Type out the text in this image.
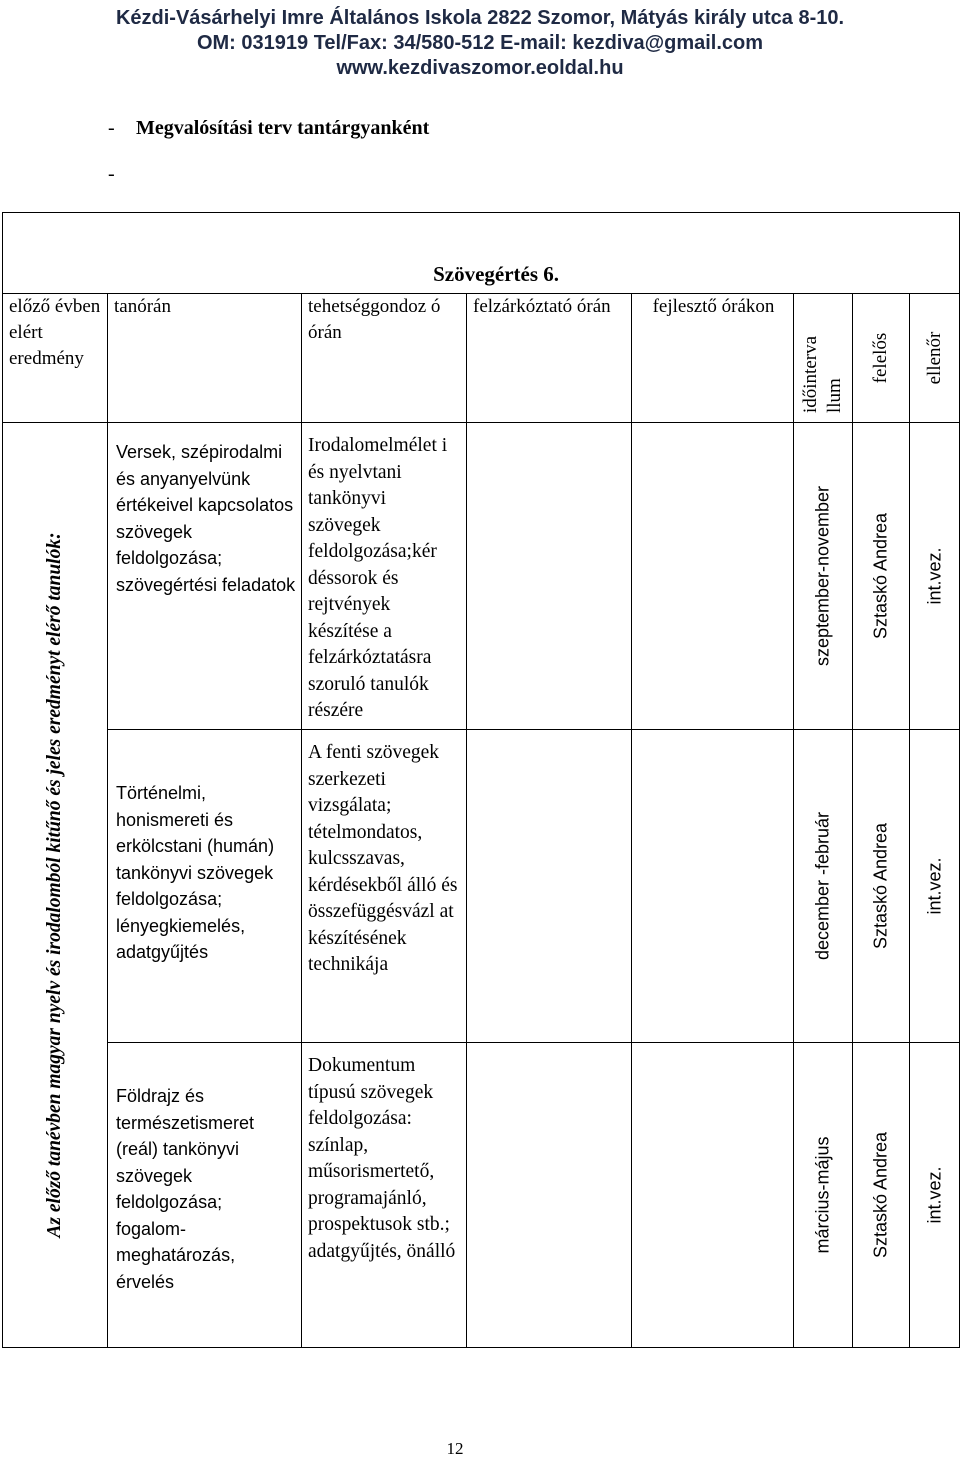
Kézdi-Vásárhelyi Imre Általános Iskola 2822 Szomor, Mátyás király utca 8-10.
OM: 031919 Tel/Fax: 34/580-512 E-mail: kezdiva@gmail.com
www.kezdivaszomor.eoldal.hu
- Megvalósítási terv tantárgyanként
-
Szövegértés 6.							

előző évben elért eredmény	tanórán	tehetséggondoz ó órán	felzárkóztató órán	fejlesztő órákon	időinterva llum	felelős	ellenőr

Az előző tanévben magyar nyelv és irodalomból kitűnő és jeles eredményt elérő tanulók:	Versek, szépirodalmi és anyanyelvünk értékeivel kapcsolatos szövegek feldolgozása; szövegértési feladatok	Irodalomelmélet i és nyelvtani tankönyvi szövegek feldolgozása;kér déssorok és rejtvények készítése a felzárkóztatásra szoruló tanulók részére			szeptember-november	Sztaskó Andrea	int.vez.

	Történelmi, honismereti és erkölcstani (humán) tankönyvi szövegek feldolgozása; lényegkiemelés, adatgyűjtés	A fenti szövegek szerkezeti vizsgálata; tételmondatos, kulcsszavas, kérdésekből álló és összefüggésvázl at készítésének technikája			december -február	Sztaskó Andrea	int.vez.

	Földrajz és természetismeret (reál) tankönyvi szövegek feldolgozása; fogalom-meghatározás, érvelés	Dokumentum típusú szövegek feldolgozása: színlap, műsorismertető, programajánló, prospektusok stb.; adatgyűjtés, önálló			március-május	Sztaskó Andrea	int.vez.
12
